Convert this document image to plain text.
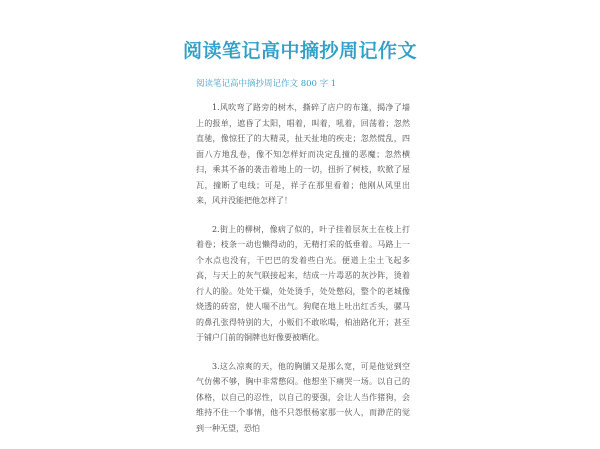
阅读笔记高中摘抄周记作文
阅读笔记高中摘抄周记作文 800 字 1

1.风吹弯了路旁的树木，撕碎了店户的布篷，揭净了墙上的报单，遮昏了太阳，唱着，叫着，吼着，回荡着；忽然直驰，像惊狂了的大精灵，扯天扯地的疾走；忽然慌乱，四面八方地乱卷，像不知怎样好而决定乱撞的恶魔；忽然横扫，乘其不备的袭击着地上的一切，扭折了树枝，吹掀了屋瓦，撞断了电线；可是，祥子在那里看着；他刚从风里出来，风并没能把他怎样了！

2.街上的柳树，像病了似的，叶子挂着层灰土在枝上打着卷；枝条一动也懒得动的，无精打采的低垂着。马路上一个水点也没有，干巴巴的发着些白光。便道上尘土飞起多高，与天上的灰气联接起来，结成一片毒恶的灰沙阵，烫着行人的脸。处处干燥，处处烫手，处处憋闷，整个的老城像烧透的砖窑，使人喘不出气。狗爬在地上吐出红舌头，骡马的鼻孔张得特别的大，小贩们不敢吆喝，柏油路化开；甚至于铺户门前的铜牌也好像要被晒化。

3.这么凉爽的天，他的胸脯又是那么宽，可是他觉到空气仿佛不够，胸中非常憋闷。他想坐下痛哭一场。以自己的体格，以自己的忍性，以自己的要强，会让人当作猪狗，会维持不住一个事情，他不只怨恨杨家那一伙人，而渺茫的觉到一种无望，恐怕
